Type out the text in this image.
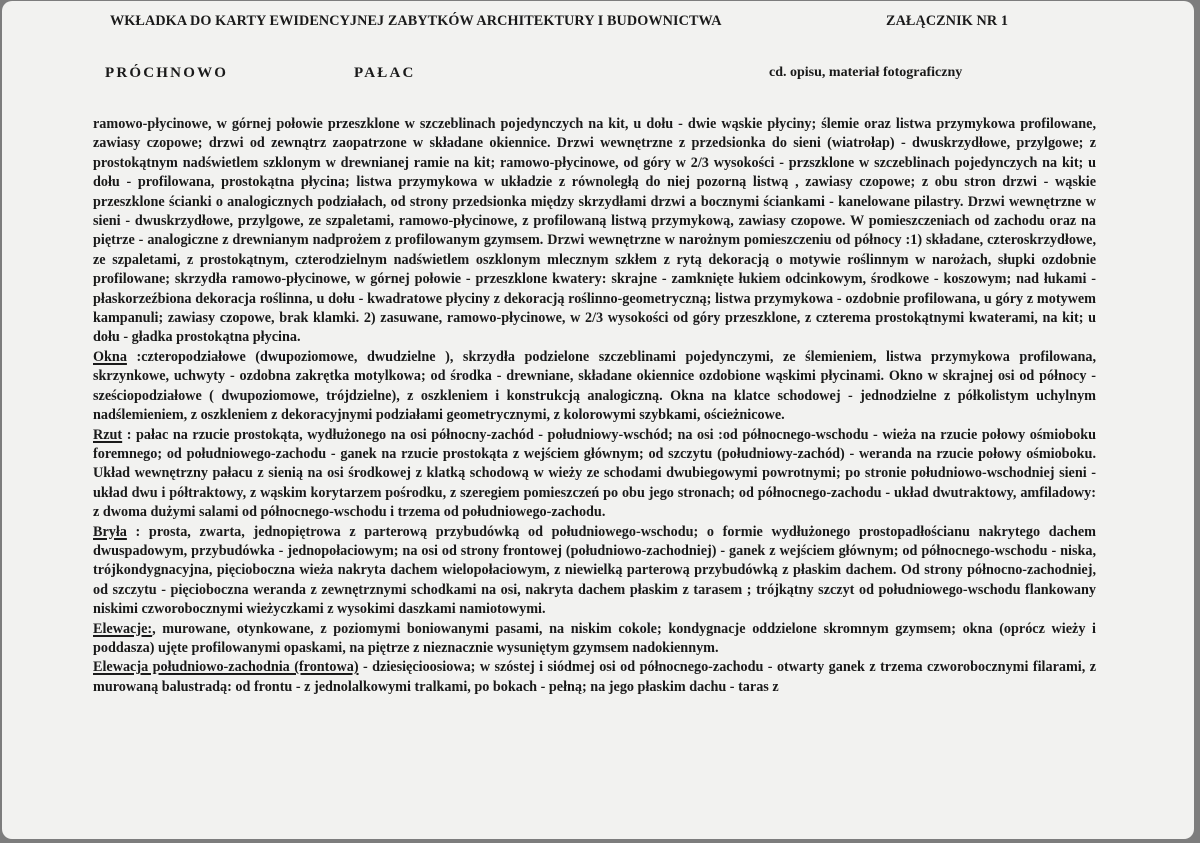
WKŁADKA DO KARTY EWIDENCYJNEJ ZABYTKÓW ARCHITEKTURY I BUDOWNICTWA	ZAŁĄCZNIK NR 1
PRÓCHNOWO	PAŁAC	cd. opisu, materiał fotograficzny

ramowo-płycinowe, w górnej połowie przeszklone w szczeblinach pojedynczych na kit, u dołu - dwie wąskie płyciny; ślemie oraz listwa przymykowa profilowane, zawiasy czopowe; drzwi od zewnątrz zaopatrzone w składane okiennice. Drzwi wewnętrzne z przedsionka do sieni (wiatrołap) - dwuskrzydłowe, przylgowe; z prostokątnym nadświetlem szklonym w drewnianej ramie na kit; ramowo-płycinowe, od góry w 2/3 wysokości - przszklone w szczeblinach pojedynczych na kit; u dołu - profilowana, prostokątna płycina; listwa przymykowa w układzie z równoległą do niej pozorną listwą , zawiasy czopowe; z obu stron drzwi - wąskie przeszklone ścianki o analogicznych podziałach, od strony przedsionka między skrzydłami drzwi a bocznymi ściankami - kanelowane pilastry. Drzwi wewnętrzne w sieni - dwuskrzydłowe, przylgowe, ze szpaletami, ramowo-płycinowe, z profilowaną listwą przymykową, zawiasy czopowe. W pomieszczeniach od zachodu oraz na piętrze - analogiczne z drewnianym nadprożem z profilowanym gzymsem. Drzwi wewnętrzne w narożnym pomieszczeniu od północy :1) składane, czteroskrzydłowe, ze szpaletami, z prostokątnym, czterodzielnym nadświetlem oszklonym mlecznym szkłem z rytą dekoracją o motywie roślinnym w narożach, słupki ozdobnie profilowane; skrzydła ramowo-płycinowe, w górnej połowie - przeszklone kwatery: skrajne - zamknięte łukiem odcinkowym, środkowe - koszowym; nad łukami - płaskorzeźbiona dekoracja roślinna, u dołu - kwadratowe płyciny z dekoracją roślinno-geometryczną; listwa przymykowa - ozdobnie profilowana, u góry z motywem kampanuli; zawiasy czopowe, brak klamki. 2) zasuwane, ramowo-płycinowe, w 2/3 wysokości od góry przeszklone, z czterema prostokątnymi kwaterami, na kit; u dołu - gładka prostokątna płycina.

Okna :czteropodziałowe (dwupoziomowe, dwudzielne ), skrzydła podzielone szczeblinami pojedynczymi, ze ślemieniem, listwa przymykowa profilowana, skrzynkowe, uchwyty - ozdobna zakrętka motylkowa; od środka - drewniane, składane okiennice ozdobione wąskimi płycinami. Okno w skrajnej osi od północy - sześciopodziałowe ( dwupoziomowe, trójdzielne), z oszkleniem i konstrukcją analogiczną. Okna na klatce schodowej - jednodzielne z półkolistym uchylnym nadślemieniem, z oszkleniem z dekoracyjnymi podziałami geometrycznymi, z kolorowymi szybkami, ościeżnicowe.

Rzut : pałac na rzucie prostokąta, wydłużonego na osi północny-zachód - południowy-wschód; na osi :od północnego-wschodu - wieża na rzucie połowy ośmioboku foremnego; od południowego-zachodu - ganek na rzucie prostokąta z wejściem głównym; od szczytu (południowy-zachód) - weranda na rzucie połowy ośmioboku. Układ wewnętrzny pałacu z sienią na osi środkowej z klatką schodową w wieży ze schodami dwubiegowymi powrotnymi; po stronie południowo-wschodniej sieni - układ dwu i półtraktowy, z wąskim korytarzem pośrodku, z szeregiem pomieszczeń po obu jego stronach; od północnego-zachodu - układ dwutraktowy, amfiladowy: z dwoma dużymi salami od północnego-wschodu i trzema od południowego-zachodu.

Bryła : prosta, zwarta, jednopiętrowa z parterową przybudówką od południowego-wschodu; o formie wydłużonego prostopadłościanu nakrytego dachem dwuspadowym, przybudówka - jednopołaciowym; na osi od strony frontowej (południowo-zachodniej) - ganek z wejściem głównym; od północnego-wschodu - niska, trójkondygnacyjna, pięcioboczna wieża nakryta dachem wielopołaciowym, z niewielką parterową przybudówką z płaskim dachem. Od strony północno-zachodniej, od szczytu - pięcioboczna weranda z zewnętrznymi schodkami na osi, nakryta dachem płaskim z tarasem ; trójkątny szczyt od południowego-wschodu flankowany niskimi czworobocznymi wieżyczkami z wysokimi daszkami namiotowymi.

Elewacje:, murowane, otynkowane, z poziomymi boniowanymi pasami, na niskim cokole; kondygnacje oddzielone skromnym gzymsem; okna (oprócz wieży i poddasza) ujęte profilowanymi opaskami, na piętrze z nieznacznie wysuniętym gzymsem nadokiennym.

Elewacja południowo-zachodnia (frontowa) - dziesięcioosiowa; w szóstej i siódmej osi od północnego-zachodu - otwarty ganek z trzema czworobocznymi filarami, z murowaną balustradą: od frontu - z jednolalkowymi tralkami, po bokach - pełną; na jego płaskim dachu - taras z
